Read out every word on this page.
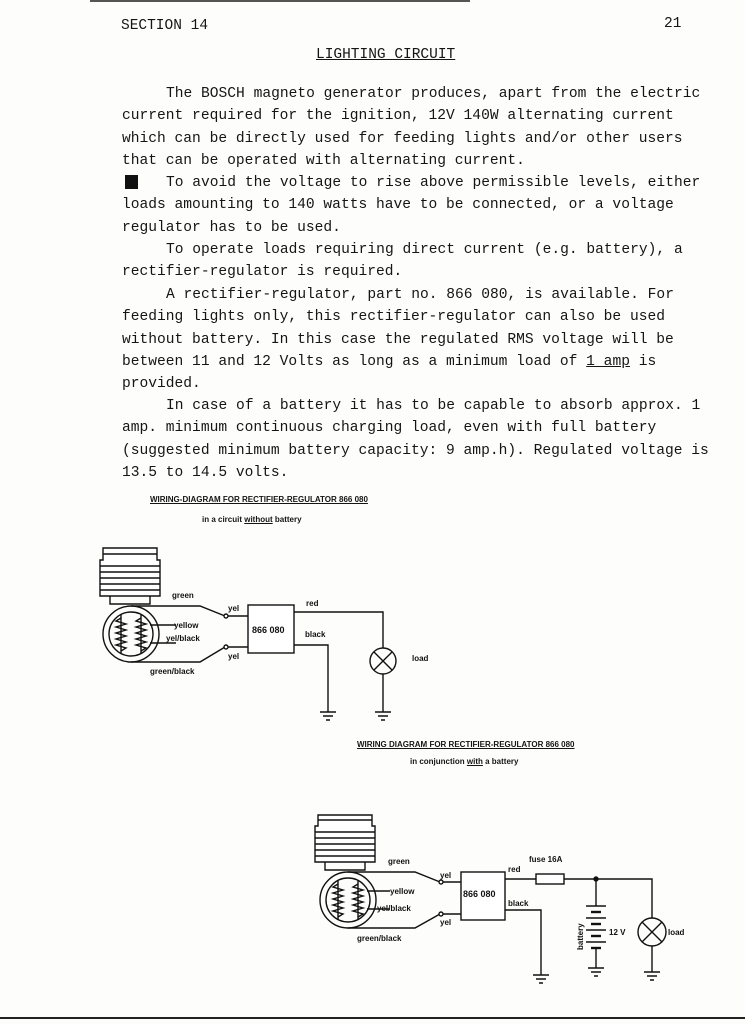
SECTION 14	21
LIGHTING CIRCUIT

The BOSCH magneto generator produces, apart from the electric current required for the ignition, 12V 140W alternating current which can be directly used for feeding lights and/or other users that can be operated with alternating current.

To avoid the voltage to rise above permissible levels, either loads amounting to 140 watts have to be connected, or a voltage regulator has to be used.

To operate loads requiring direct current (e.g. battery), a rectifier-regulator is required.

A rectifier-regulator, part no. 866 080, is available. For feeding lights only, this rectifier-regulator can also be used without battery. In this case the regulated RMS voltage will be between 11 and 12 Volts as long as a minimum load of 1 amp is provided.

In case of a battery it has to be capable to absorb approx. 1 amp. minimum continuous charging load, even with full battery (suggested minimum battery capacity: 9 amp.h). Regulated voltage is 13.5 to 14.5 volts.

WIRING-DIAGRAM FOR RECTIFIER-REGULATOR 866 080
in a circuit without battery
green
yellow
yel/black
green/black
yel
yel
866 080
red
black
load
WIRING DIAGRAM FOR RECTIFIER-REGULATOR 866 080
in conjunction with a battery
green
yellow
yel/black
green/black
yel
yel
866 080
red
fuse 16A
black
battery	12 V	load
